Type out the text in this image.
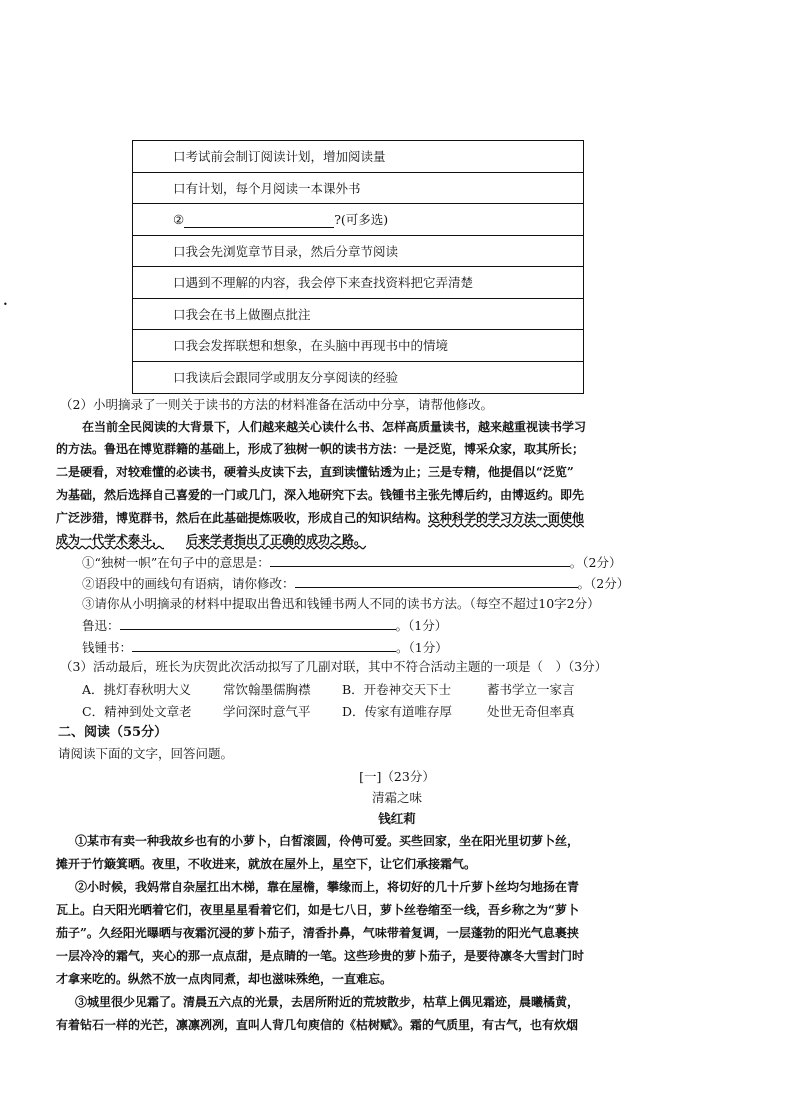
•
口考试前会制订阅读计划，增加阅读量
口有计划，每个月阅读一本课外书
②	?(可多选)
口我会先浏览章节目录，然后分章节阅读
口遇到不理解的内容，我会停下来查找资料把它弄清楚
口我会在书上做圈点批注
口我会发挥联想和想象，在头脑中再现书中的情境
口我读后会跟同学或朋友分享阅读的经验
（2）小明摘录了一则关于读书的方法的材料准备在活动中分享，请帮他修改。
在当前全民阅读的大背景下，人们越来越关心读什么书、怎样高质量读书，越来越重视读书学习
的方法。鲁迅在博览群籍的基础上，形成了独树一帜的读书方法：一是泛览，博采众家，取其所长；
二是硬看，对较难懂的必读书，硬着头皮读下去，直到读懂钻透为止；三是专精，他提倡以“泛览”
为基础，然后选择自己喜爱的一门或几门，深入地研究下去。钱锺书主张先博后约，由博返约。即先
广泛涉猎，博览群书，然后在此基础提炼吸收，形成自己的知识结构。这种科学的学习方法一面使他
成为一代学术泰斗， 后来学者指出了正确的成功之路。
①“独树一帜”在句子中的意思是：	。（2分）
②语段中的画线句有语病，请你修改：	。（2分）
③请你从小明摘录的材料中提取出鲁迅和钱锺书两人不同的读书方法。（每空不超过10字2分）
鲁迅：	。（1分）
钱锺书：	。（1分）
（3）活动最后，班长为庆贺此次活动拟写了几副对联，其中不符合活动主题的一项是（　）（3分）
A．挑灯春秋明大义	常饮翰墨儒胸襟	B．开卷神交天下士	蓄书学立一家言
C．精神到处文章老	学问深时意气平	D．传家有道唯存厚	处世无奇但率真
二、阅读（55分）
请阅读下面的文字，回答问题。
[一]（23分）
清霜之味
钱红莉
①某市有卖一种我故乡也有的小萝卜，白皙滚圆，伶俜可爱。买些回家，坐在阳光里切萝卜丝，
摊开于竹簸箕晒。夜里，不收进来，就放在屋外上，星空下，让它们承接霜气。
②小时候，我妈常自杂屋扛出木梯，靠在屋檐，攀缘而上，将切好的几十斤萝卜丝均匀地扬在青
瓦上。白天阳光晒着它们，夜里星星看着它们，如是七八日，萝卜丝卷缩至一线，吾乡称之为“萝卜
茄子”。久经阳光曝晒与夜霜沉浸的萝卜茄子，清香扑鼻，气味带着复调，一层蓬勃的阳光气息裹挟
一层冷冷的霜气，夹心的那一点点甜，是点睛的一笔。这些珍贵的萝卜茄子，是要待凛冬大雪封门时
才拿来吃的。纵然不放一点肉同煮，却也滋味殊绝，一直难忘。
③城里很少见霜了。清晨五六点的光景，去居所附近的荒坡散步，枯草上偶见霜迹，晨曦橘黄，
有着钻石一样的光芒，凛凛冽冽，直叫人背几句庾信的《枯树赋》。霜的气质里，有古气，也有炊烟
